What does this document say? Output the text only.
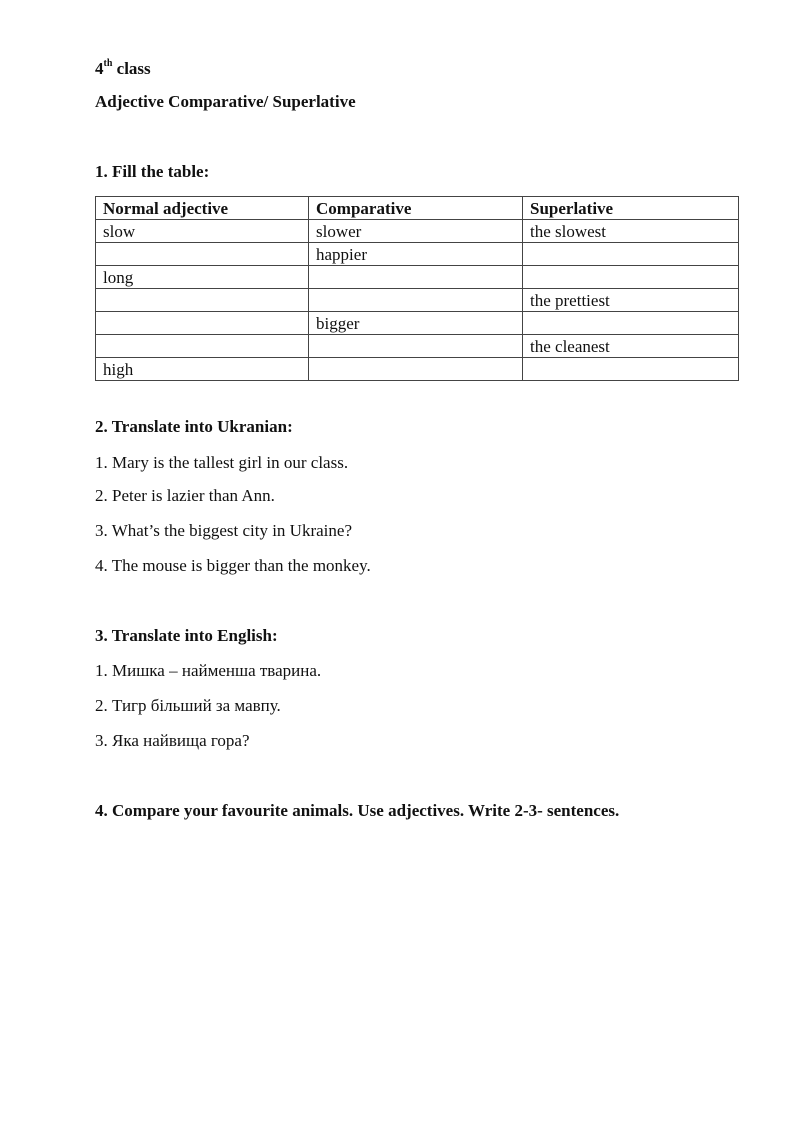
4th class
Adjective Comparative/ Superlative
1. Fill the table:
Normal adjective	Comparative	Superlative
slow	slower	the slowest
	happier	
long		
		the prettiest
	bigger	
		the cleanest
high		
2. Translate into Ukranian:
1. Mary is the tallest girl in our class.
2. Peter is lazier than Ann.
3. What’s the biggest city in Ukraine?
4. The mouse is bigger than the monkey.
3. Translate into English:
1. Мишка – найменша тварина.
2. Тигр більший за мавпу.
3. Яка найвища гора?
4. Compare your favourite animals. Use adjectives. Write 2-3- sentences.
